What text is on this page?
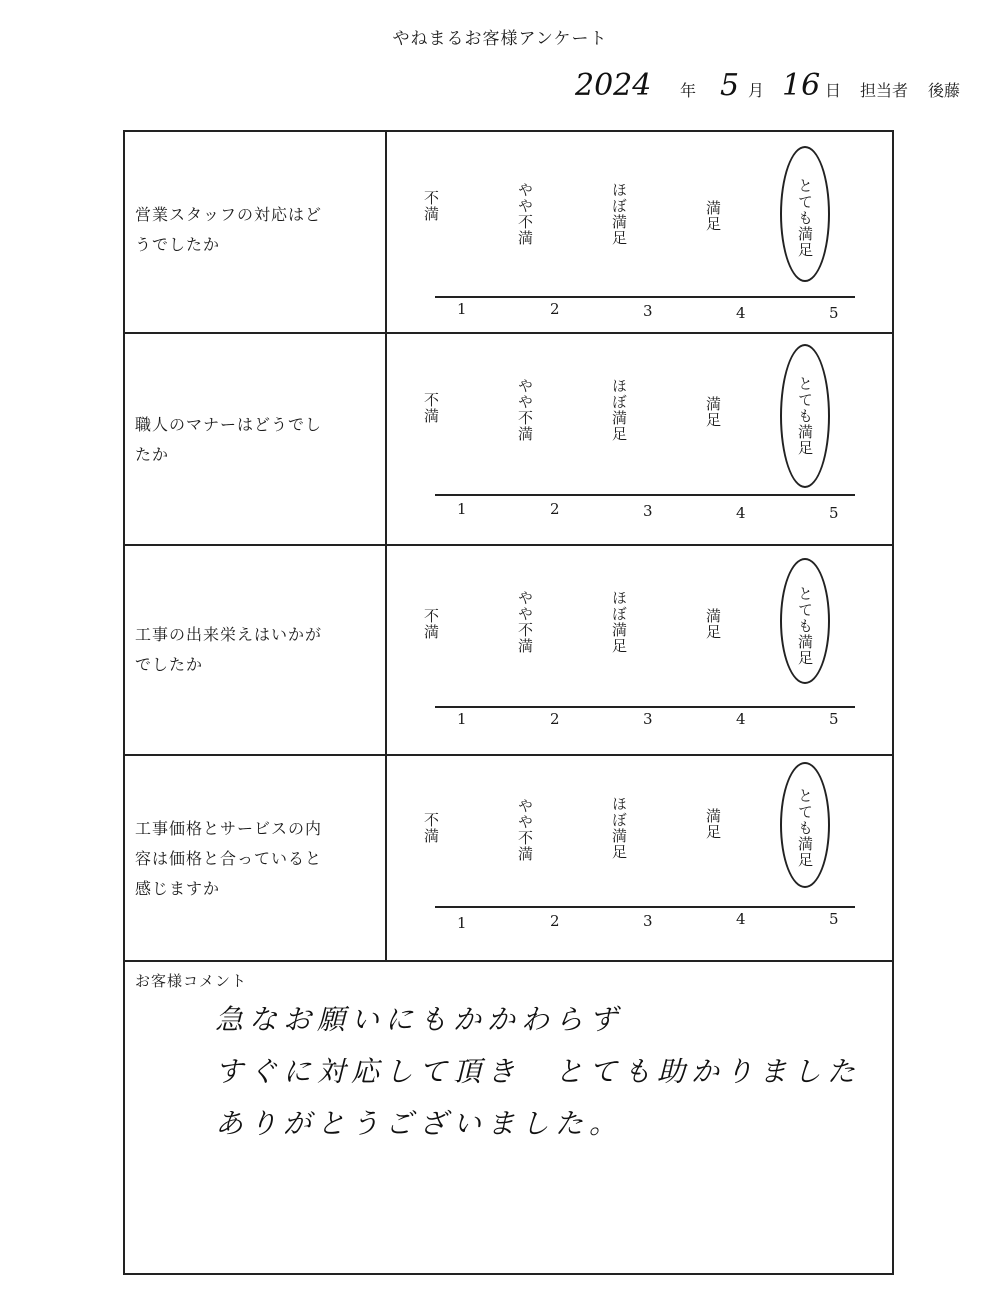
やねまるお客様アンケート
2024 年 5 月 16 日 担当者 後藤
営業スタッフの対応はど
うでしたか
不満	やや不満	ほぼ満足	満足	とても満足
1	2	3	4	5
職人のマナーはどうでし
たか
不満	やや不満	ほぼ満足	満足	とても満足
1	2	3	4	5
工事の出来栄えはいかが
でしたか
不満	やや不満	ほぼ満足	満足	とても満足
1	2	3	4	5
工事価格とサービスの内
容は価格と合っていると
感じますか
不満	やや不満	ほぼ満足	満足	とても満足
1	2	3	4	5
お客様コメント
急なお願いにもかかわらず
すぐに対応して頂き　とても助かりました
ありがとうございました。
